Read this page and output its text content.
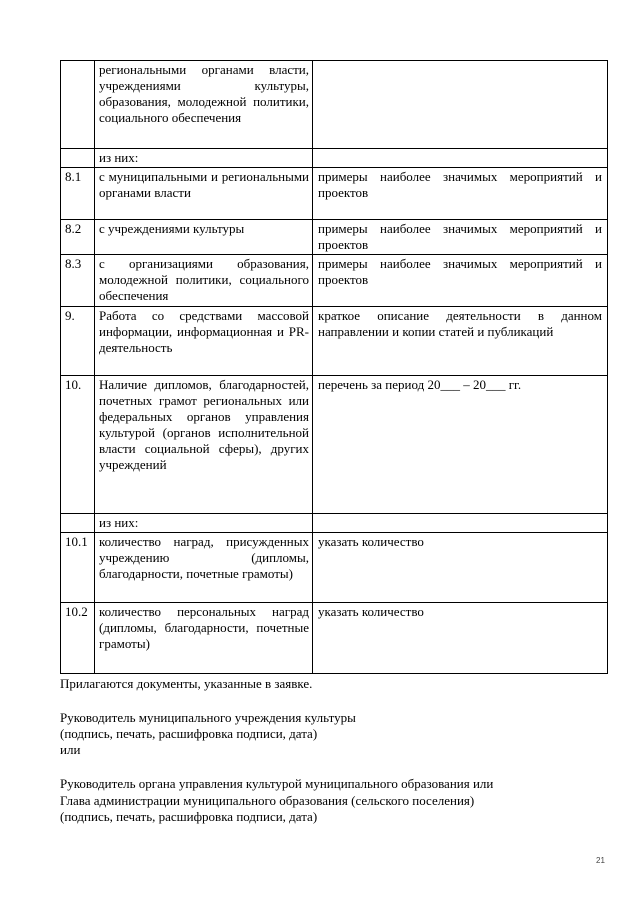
	региональными органами власти, учреждениями культуры, образования, молодежной политики, социального обеспечения	
	из них:	
8.1	с муниципальными и региональными органами власти	примеры наиболее значимых мероприятий и проектов
8.2	с учреждениями культуры	примеры наиболее значимых мероприятий и проектов
8.3	с организациями образования, молодежной политики, социального обеспечения	примеры наиболее значимых мероприятий и проектов
9.	Работа со средствами массовой информации, информационная и PR-деятельность	краткое описание деятельности в данном направлении и копии статей и публикаций
10.	Наличие дипломов, благодарностей, почетных грамот региональных или федеральных органов управления культурой (органов исполнительной власти социальной сферы), других учреждений	перечень за период 20___ – 20___ гг.
	из них:	
10.1	количество наград, присужденных учреждению (дипломы, благодарности, почетные грамоты)	указать количество
10.2	количество персональных наград (дипломы, благодарности, почетные грамоты)	указать количество
Прилагаются документы, указанные в заявке.
Руководитель муниципального учреждения культуры
(подпись, печать, расшифровка подписи, дата)
или
Руководитель органа управления культурой муниципального образования или
Глава администрации муниципального образования (сельского поселения)
(подпись, печать, расшифровка подписи, дата)
21
